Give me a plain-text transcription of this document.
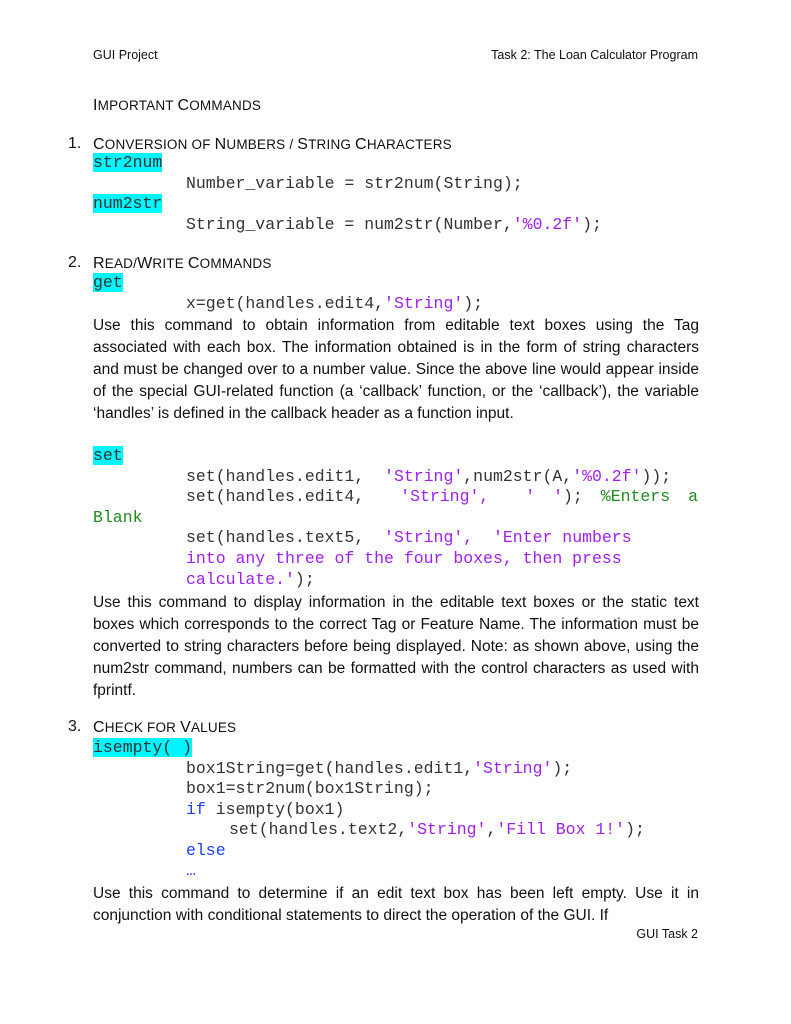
GUI Project	Task 2: The Loan Calculator Program
IMPORTANT COMMANDS
1. CONVERSION OF NUMBERS / STRING CHARACTERS
str2num
Number_variable = str2num(String);
num2str
String_variable = num2str(Number,'%0.2f');
2. READ/WRITE COMMANDS
get
x=get(handles.edit4,'String');
Use this command to obtain information from editable text boxes using the Tag associated with each box. The information obtained is in the form of string characters and must be changed over to a number value. Since the above line would appear inside of the special GUI-related function (a ‘callback’ function, or the ‘callback’), the variable ‘handles’ is defined in the callback header as a function input.
set
set(handles.edit1, 'String',num2str(A,'%0.2f'));
set(handles.edit4, 'String', ' '); %Enters a
Blank
set(handles.text5, 'String', 'Enter numbers
into any three of the four boxes, then press
calculate.');
Use this command to display information in the editable text boxes or the static text boxes which corresponds to the correct Tag or Feature Name. The information must be converted to string characters before being displayed. Note: as shown above, using the num2str command, numbers can be formatted with the control characters as used with fprintf.
3. CHECK FOR VALUES
isempty( )
box1String=get(handles.edit1,'String');
box1=str2num(box1String);
if isempty(box1)
set(handles.text2,'String','Fill Box 1!');
else
…
Use this command to determine if an edit text box has been left empty. Use it in conjunction with conditional statements to direct the operation of the GUI. If
GUI Task 2
